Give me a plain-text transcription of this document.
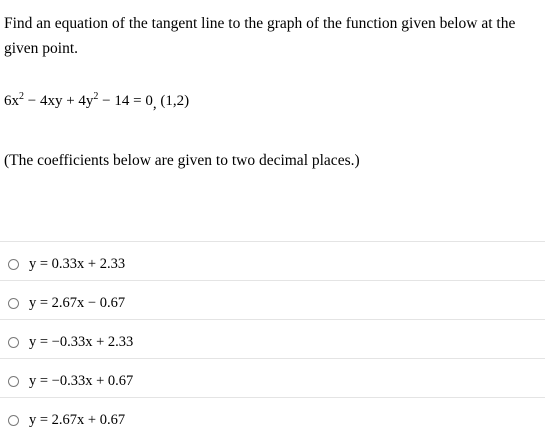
Find an equation of the tangent line to the graph of the function given below at the given point.
$6x^2 - 4xy + 4y^2 - 14 = 0$, (1,2)
(The coefficients below are given to two decimal places.)
y = 0.33x + 2.33
y = 2.67x − 0.67
y = −0.33x + 2.33
y = −0.33x + 0.67
y = 2.67x + 0.67
